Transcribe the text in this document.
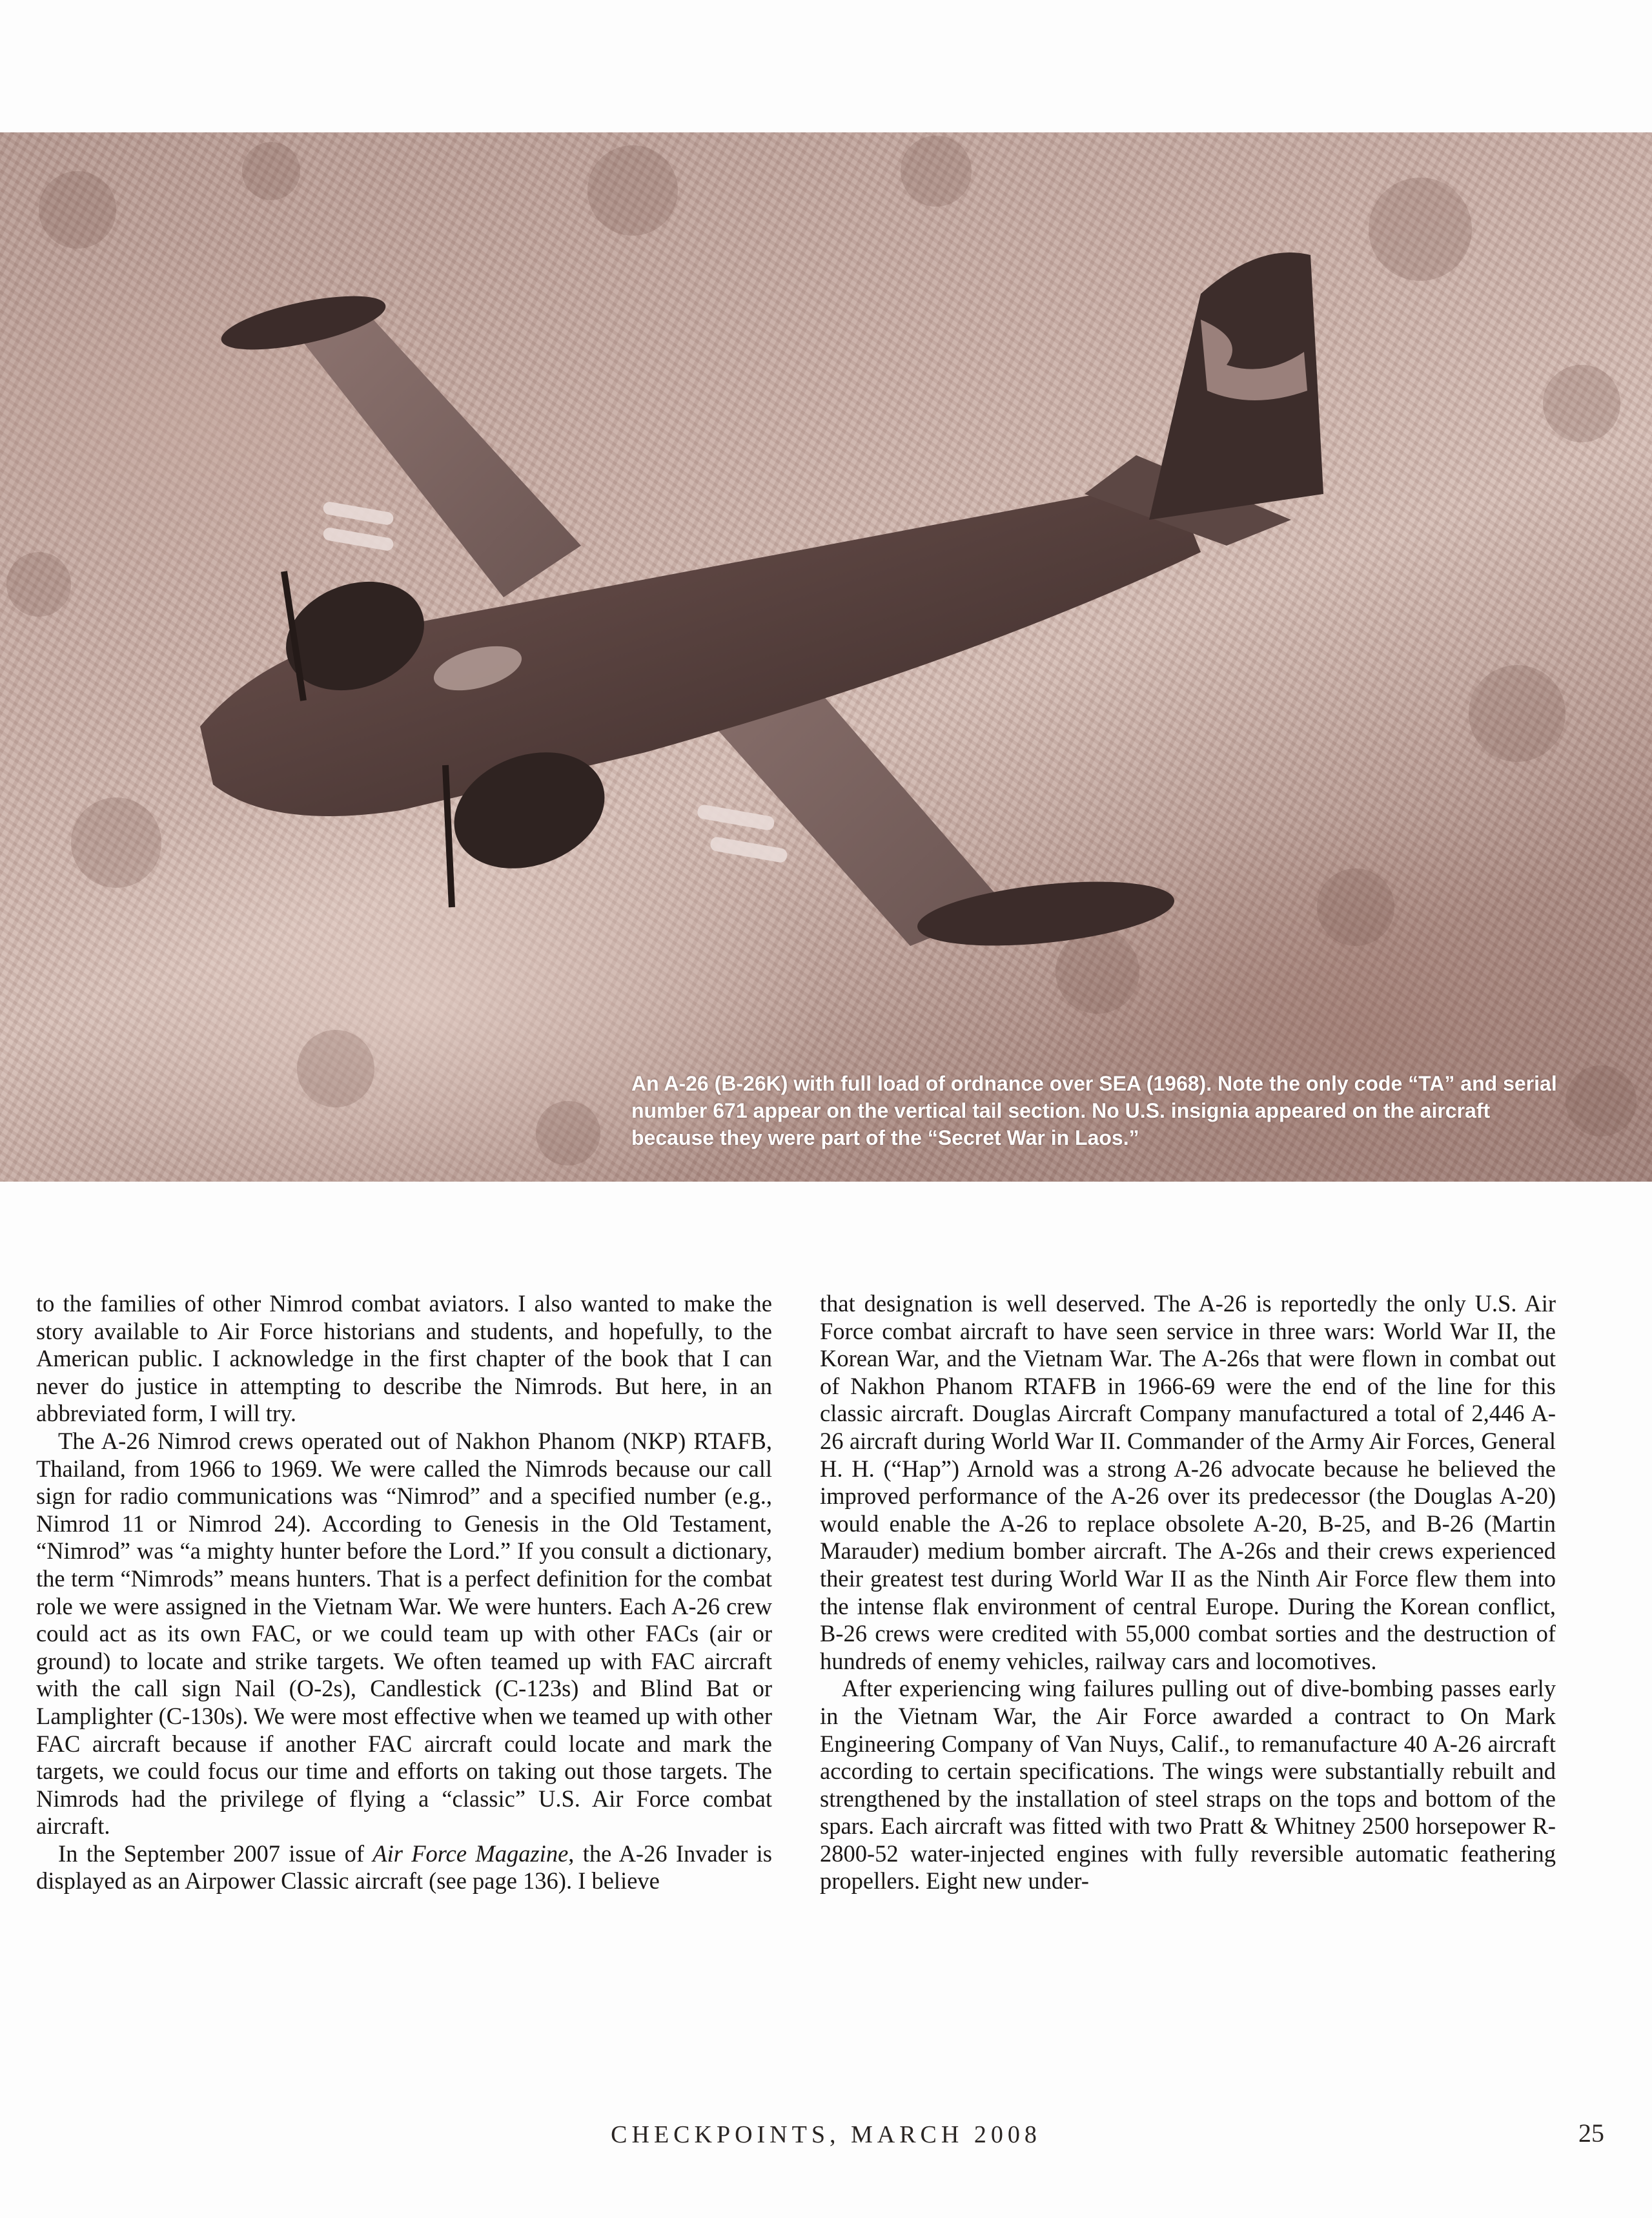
An A-26 (B-26K) with full load of ordnance over SEA (1968). Note the only code “TA” and serial number 671 appear on the vertical tail section. No U.S. insignia appeared on the aircraft because they were part of the “Secret War in Laos.”

to the families of other Nimrod combat aviators. I also wanted to make the story available to Air Force historians and students, and hopefully, to the American public. I acknowledge in the first chapter of the book that I can never do justice in attempting to describe the Nimrods. But here, in an abbreviated form, I will try.

The A-26 Nimrod crews operated out of Nakhon Phanom (NKP) RTAFB, Thailand, from 1966 to 1969. We were called the Nimrods because our call sign for radio communications was “Nimrod” and a specified number (e.g., Nimrod 11 or Nimrod 24). According to Genesis in the Old Testament, “Nimrod” was “a mighty hunter before the Lord.” If you consult a dictionary, the term “Nimrods” means hunters. That is a perfect definition for the combat role we were assigned in the Vietnam War. We were hunters. Each A-26 crew could act as its own FAC, or we could team up with other FACs (air or ground) to locate and strike targets. We often teamed up with FAC aircraft with the call sign Nail (O-2s), Candlestick (C-123s) and Blind Bat or Lamplighter (C-130s). We were most effective when we teamed up with other FAC aircraft because if another FAC aircraft could locate and mark the targets, we could focus our time and efforts on taking out those targets. The Nimrods had the privilege of flying a “classic” U.S. Air Force combat aircraft.

In the September 2007 issue of Air Force Magazine, the A-26 Invader is displayed as an Airpower Classic aircraft (see page 136). I believe

that designation is well deserved. The A-26 is reportedly the only U.S. Air Force combat aircraft to have seen service in three wars: World War II, the Korean War, and the Vietnam War. The A-26s that were flown in combat out of Nakhon Phanom RTAFB in 1966-69 were the end of the line for this classic aircraft. Douglas Aircraft Company manufactured a total of 2,446 A-26 aircraft during World War II. Commander of the Army Air Forces, General H. H. (“Hap”) Arnold was a strong A-26 advocate because he believed the improved performance of the A-26 over its predecessor (the Douglas A-20) would enable the A-26 to replace obsolete A-20, B-25, and B-26 (Martin Marauder) medium bomber aircraft. The A-26s and their crews experienced their greatest test during World War II as the Ninth Air Force flew them into the intense flak environment of central Europe. During the Korean conflict, B-26 crews were credited with 55,000 combat sorties and the destruction of hundreds of enemy vehicles, railway cars and locomotives.

After experiencing wing failures pulling out of dive-bombing passes early in the Vietnam War, the Air Force awarded a contract to On Mark Engineering Company of Van Nuys, Calif., to remanufacture 40 A-26 aircraft according to certain specifications. The wings were substantially rebuilt and strengthened by the installation of steel straps on the tops and bottom of the spars. Each aircraft was fitted with two Pratt & Whitney 2500 horsepower R-2800-52 water-injected engines with fully reversible automatic feathering propellers. Eight new under-

CHECKPOINTS, MARCH 2008	25
